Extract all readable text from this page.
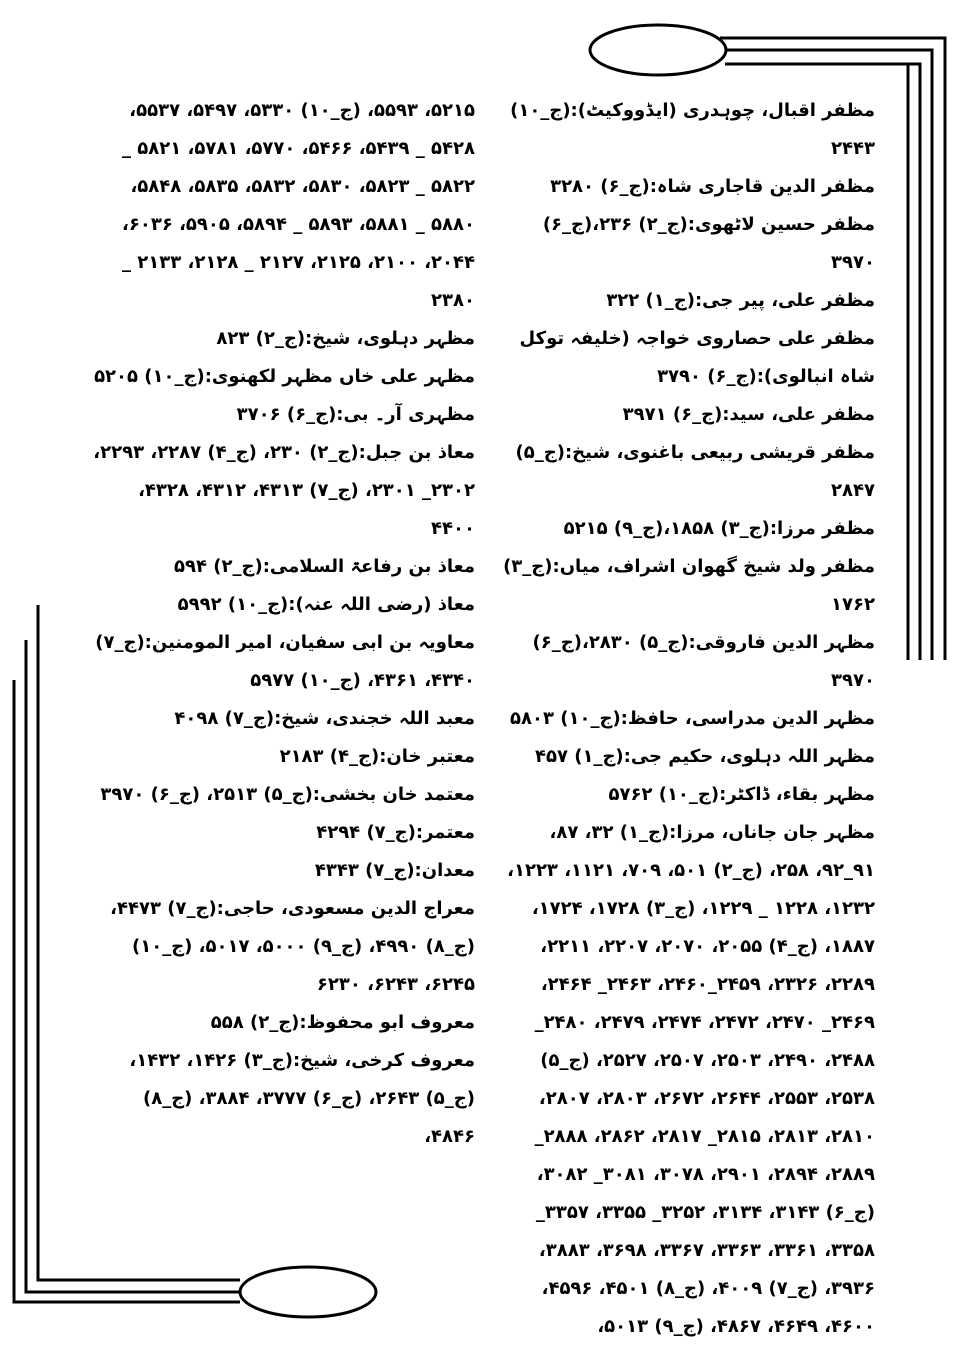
مظفر اقبال، چوہدری (ایڈووکیٹ):(ج_۱۰) ۲۴۴۳

مظفر الدین قاجاری شاہ:(ج_۶) ۳۲۸۰

مظفر حسین لاٹھوی:(ج_۲) ۲۳۶،(ج_۶) ۳۹۷۰

مظفر علی، پیر جی:(ج_۱) ۳۲۲

مظفر علی حصاروی خواجہ (خلیفہ توکل شاہ انبالوی):(ج_۶) ۳۷۹۰

مظفر علی، سید:(ج_۶) ۳۹۷۱

مظفر قریشی ربیعی باغنوی، شیخ:(ج_۵) ۲۸۴۷

مظفر مرزا:(ج_۳) ۱۸۵۸،(ج_۹) ۵۲۱۵

مظفر ولد شیخ گھوان اشراف، میاں:(ج_۳) ۱۷۶۲

مظہر الدین فاروقی:(ج_۵) ۲۸۳۰،(ج_۶) ۳۹۷۰

مظہر الدین مدراسی، حافظ:(ج_۱۰) ۵۸۰۳

مظہر اللہ دہلوی، حکیم جی:(ج_۱) ۴۵۷

مظہر بقاء، ڈاکٹر:(ج_۱۰) ۵۷۶۲

مظہر جان جاناں، مرزا:(ج_۱) ۳۲، ۸۷، ۹۱_۹۲، ۲۵۸، (ج_۲) ۵۰۱، ۷۰۹، ۱۱۲۱، ۱۲۲۳، ۱۲۳۲، ۱۲۲۸ _ ۱۲۲۹، (ج_۳) ۱۷۲۸، ۱۷۲۴، ۱۸۸۷، (ج_۴) ۲۰۵۵، ۲۰۷۰، ۲۲۰۷، ۲۲۱۱، ۲۲۸۹، ۲۳۲۶، ۲۴۵۹_۲۴۶۰، ۲۴۶۳_ ۲۴۶۴، ۲۴۶۹_ ۲۴۷۰، ۲۴۷۲، ۲۴۷۴، ۲۴۷۹، ۲۴۸۰_ ۲۴۸۸، ۲۴۹۰، ۲۵۰۳، ۲۵۰۷، ۲۵۲۷، (ج_۵) ۲۵۳۸، ۲۵۵۳، ۲۶۴۴، ۲۶۷۲، ۲۸۰۳، ۲۸۰۷، ۲۸۱۰، ۲۸۱۳، ۲۸۱۵_ ۲۸۱۷، ۲۸۶۲، ۲۸۸۸_ ۲۸۸۹، ۲۸۹۴، ۲۹۰۱، ۳۰۷۸، ۳۰۸۱_ ۳۰۸۲، (ج_۶) ۳۱۴۳، ۳۱۳۴، ۳۲۵۲_ ۳۳۵۵، ۳۳۵۷_ ۳۳۵۸، ۳۳۶۱، ۳۳۶۳، ۳۳۶۷، ۳۶۹۸، ۳۸۸۳، ۳۹۳۶، (ج_۷) ۴۰۰۹، (ج_۸) ۴۵۰۱، ۴۵۹۶، ۴۶۰۰، ۴۶۴۹، ۴۸۶۷، (ج_۹) ۵۰۱۳،

۵۲۱۵، ۵۵۹۳، (ج_۱۰) ۵۳۳۰، ۵۴۹۷، ۵۵۳۷، ۵۴۲۸ _ ۵۴۳۹، ۵۴۶۶، ۵۷۷۰، ۵۷۸۱، ۵۸۲۱ _ ۵۸۲۲ _ ۵۸۲۳، ۵۸۳۰، ۵۸۳۲، ۵۸۳۵، ۵۸۴۸، ۵۸۸۰ _ ۵۸۸۱، ۵۸۹۳ _ ۵۸۹۴، ۵۹۰۵، ۶۰۳۶، ۲۰۴۴، ۲۱۰۰، ۲۱۲۵، ۲۱۲۷ _ ۲۱۲۸، ۲۱۳۳ _ ۲۳۸۰

مظہر دہلوی، شیخ:(ج_۲) ۸۲۳

مظہر علی خاں مظہر لکھنوی:(ج_۱۰) ۵۲۰۵

مظہری آر۔ بی:(ج_۶) ۳۷۰۶

معاذ بن جبل:(ج_۲) ۲۳۰، (ج_۴) ۲۲۸۷، ۲۲۹۳، ۲۳۰۲_ ۲۳۰۱، (ج_۷) ۴۳۱۳، ۴۳۱۲، ۴۳۲۸، ۴۴۰۰

معاذ بن رفاعۃ السلامی:(ج_۲) ۵۹۴

معاذ (رضی اللہ عنہ):(ج_۱۰) ۵۹۹۲

معاویہ بن ابی سفیان، امیر المومنین:(ج_۷) ۴۳۴۰، ۴۳۶۱، (ج_۱۰) ۵۹۷۷

معبد اللہ خجندی، شیخ:(ج_۷) ۴۰۹۸

معتبر خان:(ج_۴) ۲۱۸۳

معتمد خان بخشی:(ج_۵) ۲۵۱۳، (ج_۶) ۳۹۷۰

معتمر:(ج_۷) ۴۲۹۴

معدان:(ج_۷) ۴۳۴۳

معراج الدین مسعودی، حاجی:(ج_۷) ۴۴۷۳، (ج_۸) ۴۹۹۰، (ج_۹) ۵۰۰۰، ۵۰۱۷، (ج_۱۰) ۶۲۴۵، ۶۲۴۳، ۶۲۳۰

معروف ابو محفوظ:(ج_۲) ۵۵۸

معروف کرخی، شیخ:(ج_۳) ۱۴۲۶، ۱۴۳۲، (ج_۵) ۲۶۴۳، (ج_۶) ۳۷۷۷، ۳۸۸۴، (ج_۸) ۴۸۴۶،
